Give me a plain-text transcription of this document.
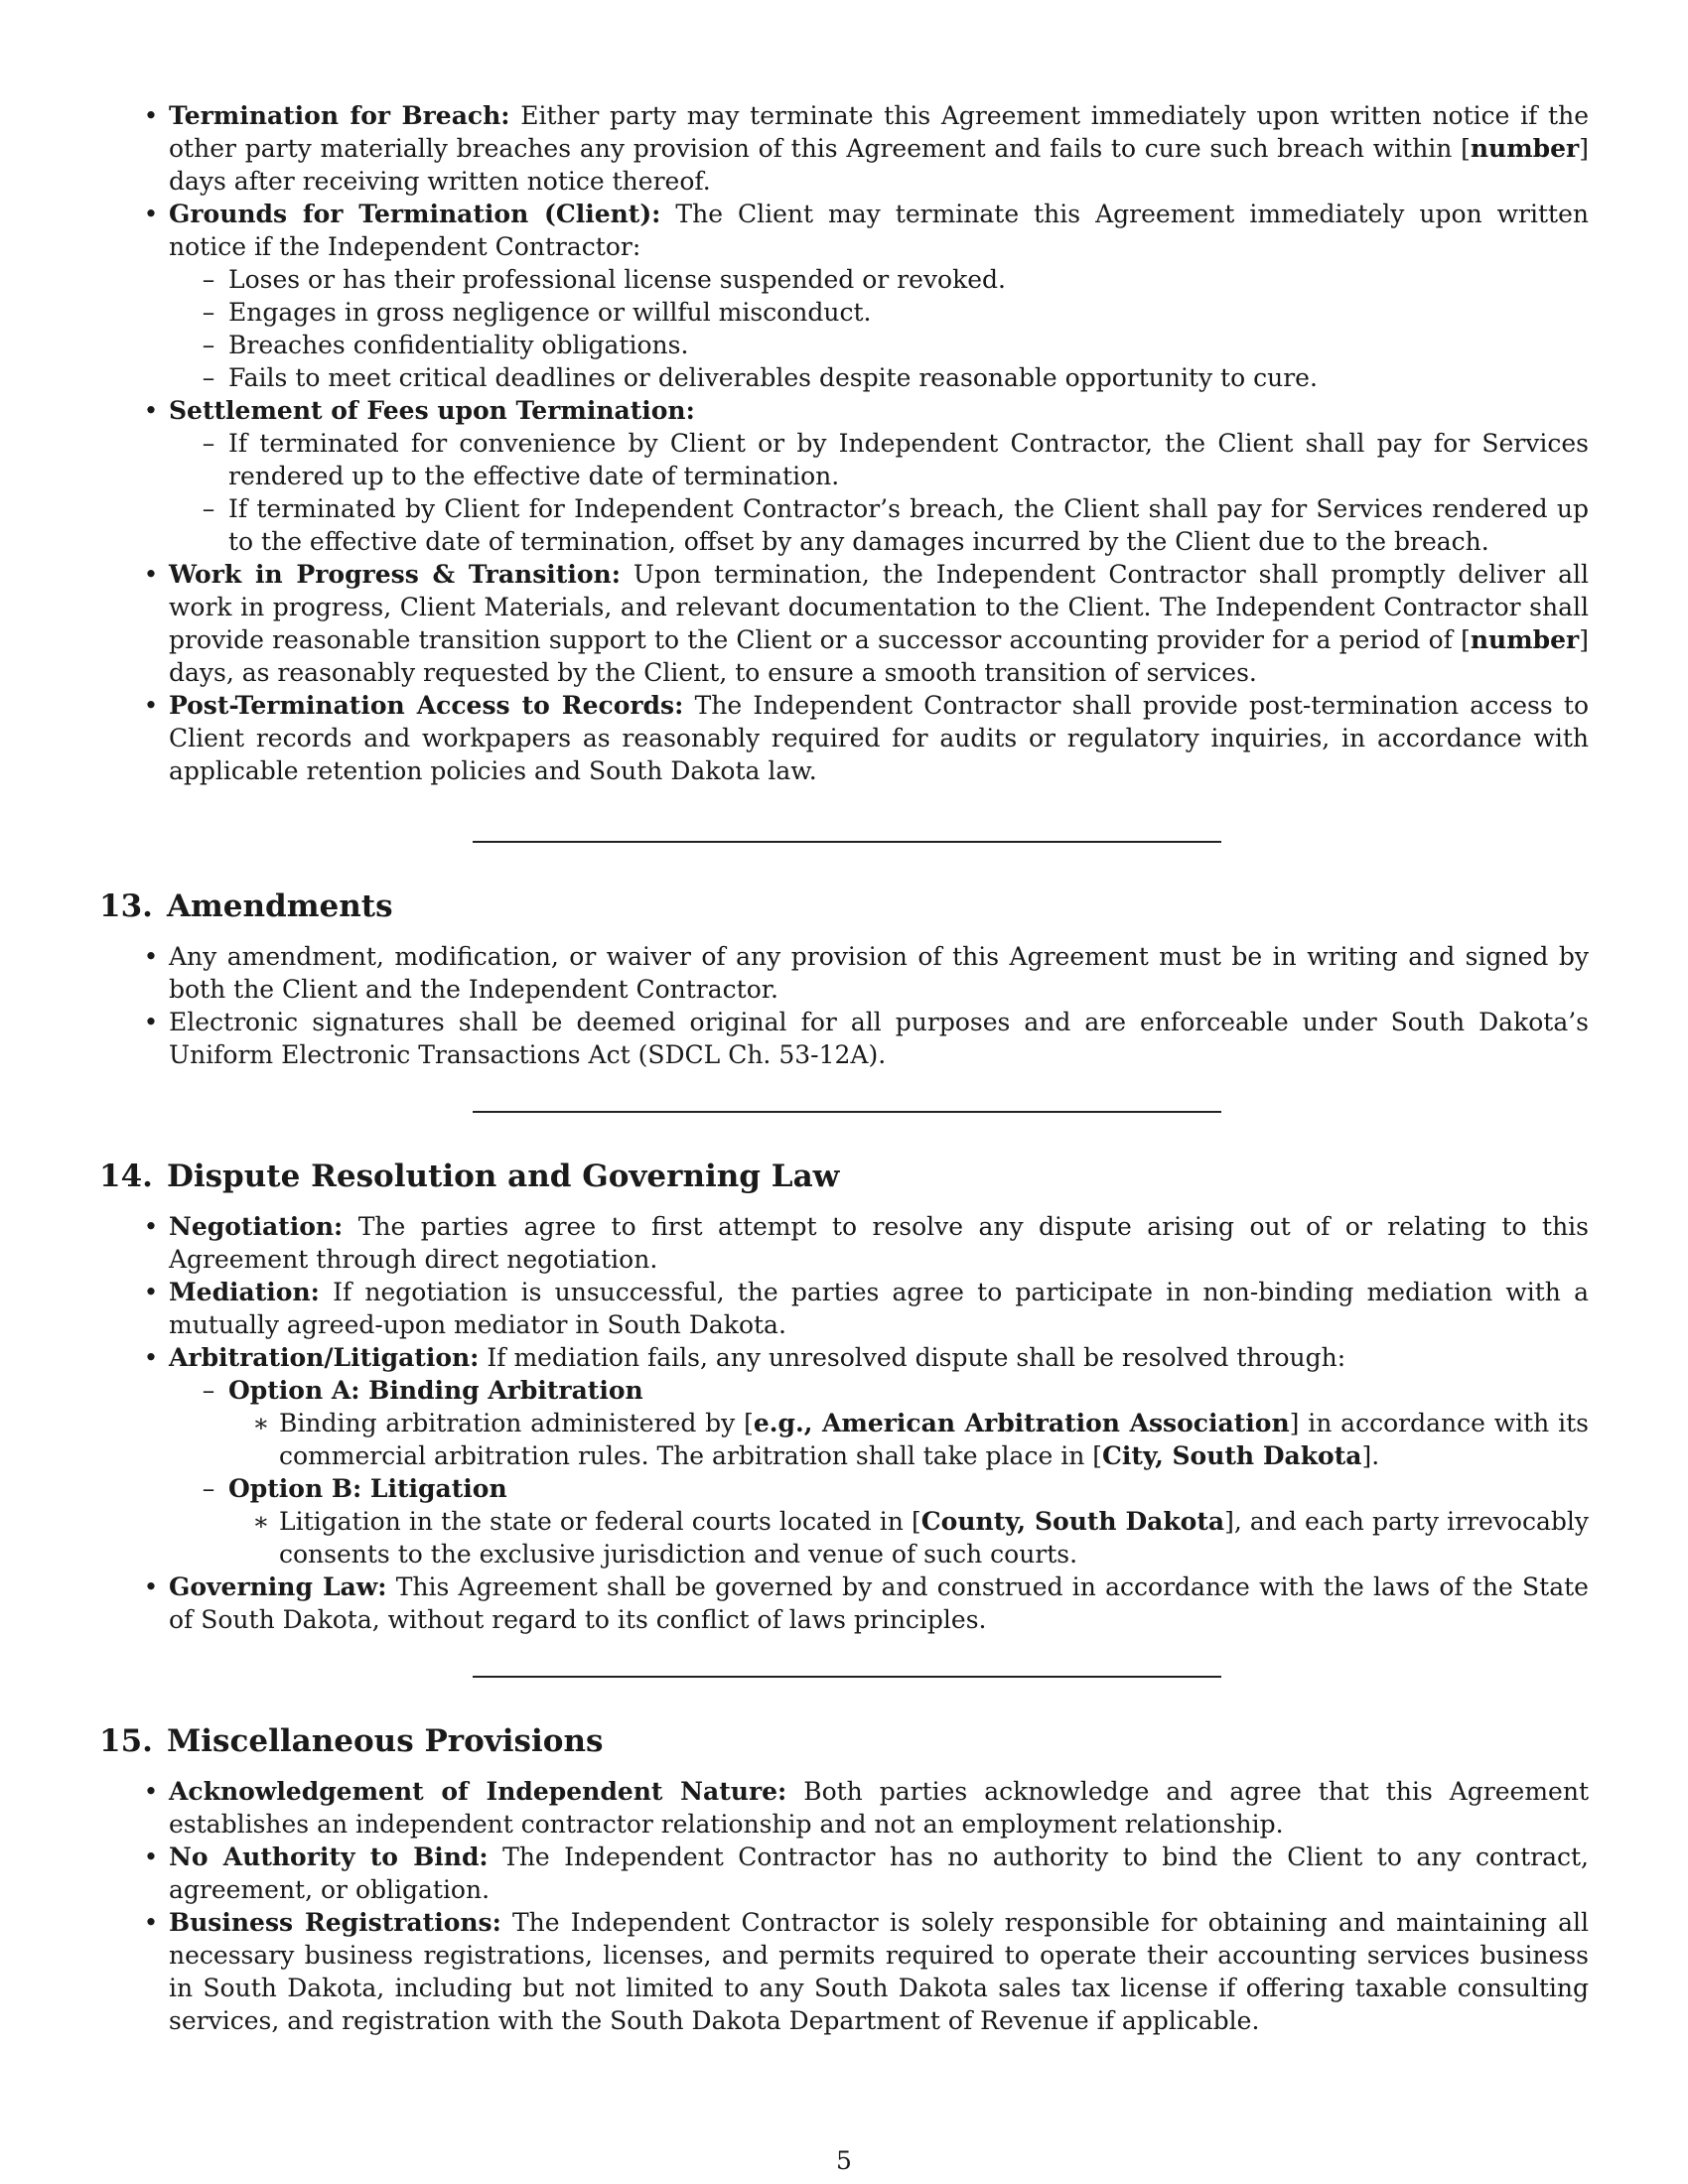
• Termination for Breach: Either party may terminate this Agreement immediately upon written notice if the other party materially breaches any provision of this Agreement and fails to cure such breach within [number] days after receiving written notice thereof.
• Grounds for Termination (Client): The Client may terminate this Agreement immediately upon written notice if the Independent Contractor:
– Loses or has their professional license suspended or revoked.
– Engages in gross negligence or willful misconduct.
– Breaches confidentiality obligations.
– Fails to meet critical deadlines or deliverables despite reasonable opportunity to cure.
• Settlement of Fees upon Termination:
– If terminated for convenience by Client or by Independent Contractor, the Client shall pay for Services rendered up to the effective date of termination.
– If terminated by Client for Independent Contractor’s breach, the Client shall pay for Services rendered up to the effective date of termination, offset by any damages incurred by the Client due to the breach.
• Work in Progress & Transition: Upon termination, the Independent Contractor shall promptly deliver all work in progress, Client Materials, and relevant documentation to the Client. The Independent Contractor shall provide reasonable transition support to the Client or a successor accounting provider for a period of [number] days, as reasonably requested by the Client, to ensure a smooth transition of services.
• Post-Termination Access to Records: The Independent Contractor shall provide post-termination access to Client records and workpapers as reasonably required for audits or regulatory inquiries, in accordance with applicable retention policies and South Dakota law.
13. Amendments
• Any amendment, modification, or waiver of any provision of this Agreement must be in writing and signed by both the Client and the Independent Contractor.
• Electronic signatures shall be deemed original for all purposes and are enforceable under South Dakota’s Uniform Electronic Transactions Act (SDCL Ch. 53-12A).
14. Dispute Resolution and Governing Law
• Negotiation: The parties agree to first attempt to resolve any dispute arising out of or relating to this Agreement through direct negotiation.
• Mediation: If negotiation is unsuccessful, the parties agree to participate in non-binding mediation with a mutually agreed-upon mediator in South Dakota.
• Arbitration/Litigation: If mediation fails, any unresolved dispute shall be resolved through:
– Option A: Binding Arbitration
∗ Binding arbitration administered by [e.g., American Arbitration Association] in accordance with its commercial arbitration rules. The arbitration shall take place in [City, South Dakota].
– Option B: Litigation
∗ Litigation in the state or federal courts located in [County, South Dakota], and each party irrevocably consents to the exclusive jurisdiction and venue of such courts.
• Governing Law: This Agreement shall be governed by and construed in accordance with the laws of the State of South Dakota, without regard to its conflict of laws principles.
15. Miscellaneous Provisions
• Acknowledgement of Independent Nature: Both parties acknowledge and agree that this Agreement establishes an independent contractor relationship and not an employment relationship.
• No Authority to Bind: The Independent Contractor has no authority to bind the Client to any contract, agreement, or obligation.
• Business Registrations: The Independent Contractor is solely responsible for obtaining and maintaining all necessary business registrations, licenses, and permits required to operate their accounting services business in South Dakota, including but not limited to any South Dakota sales tax license if offering taxable consulting services, and registration with the South Dakota Department of Revenue if applicable.
5
